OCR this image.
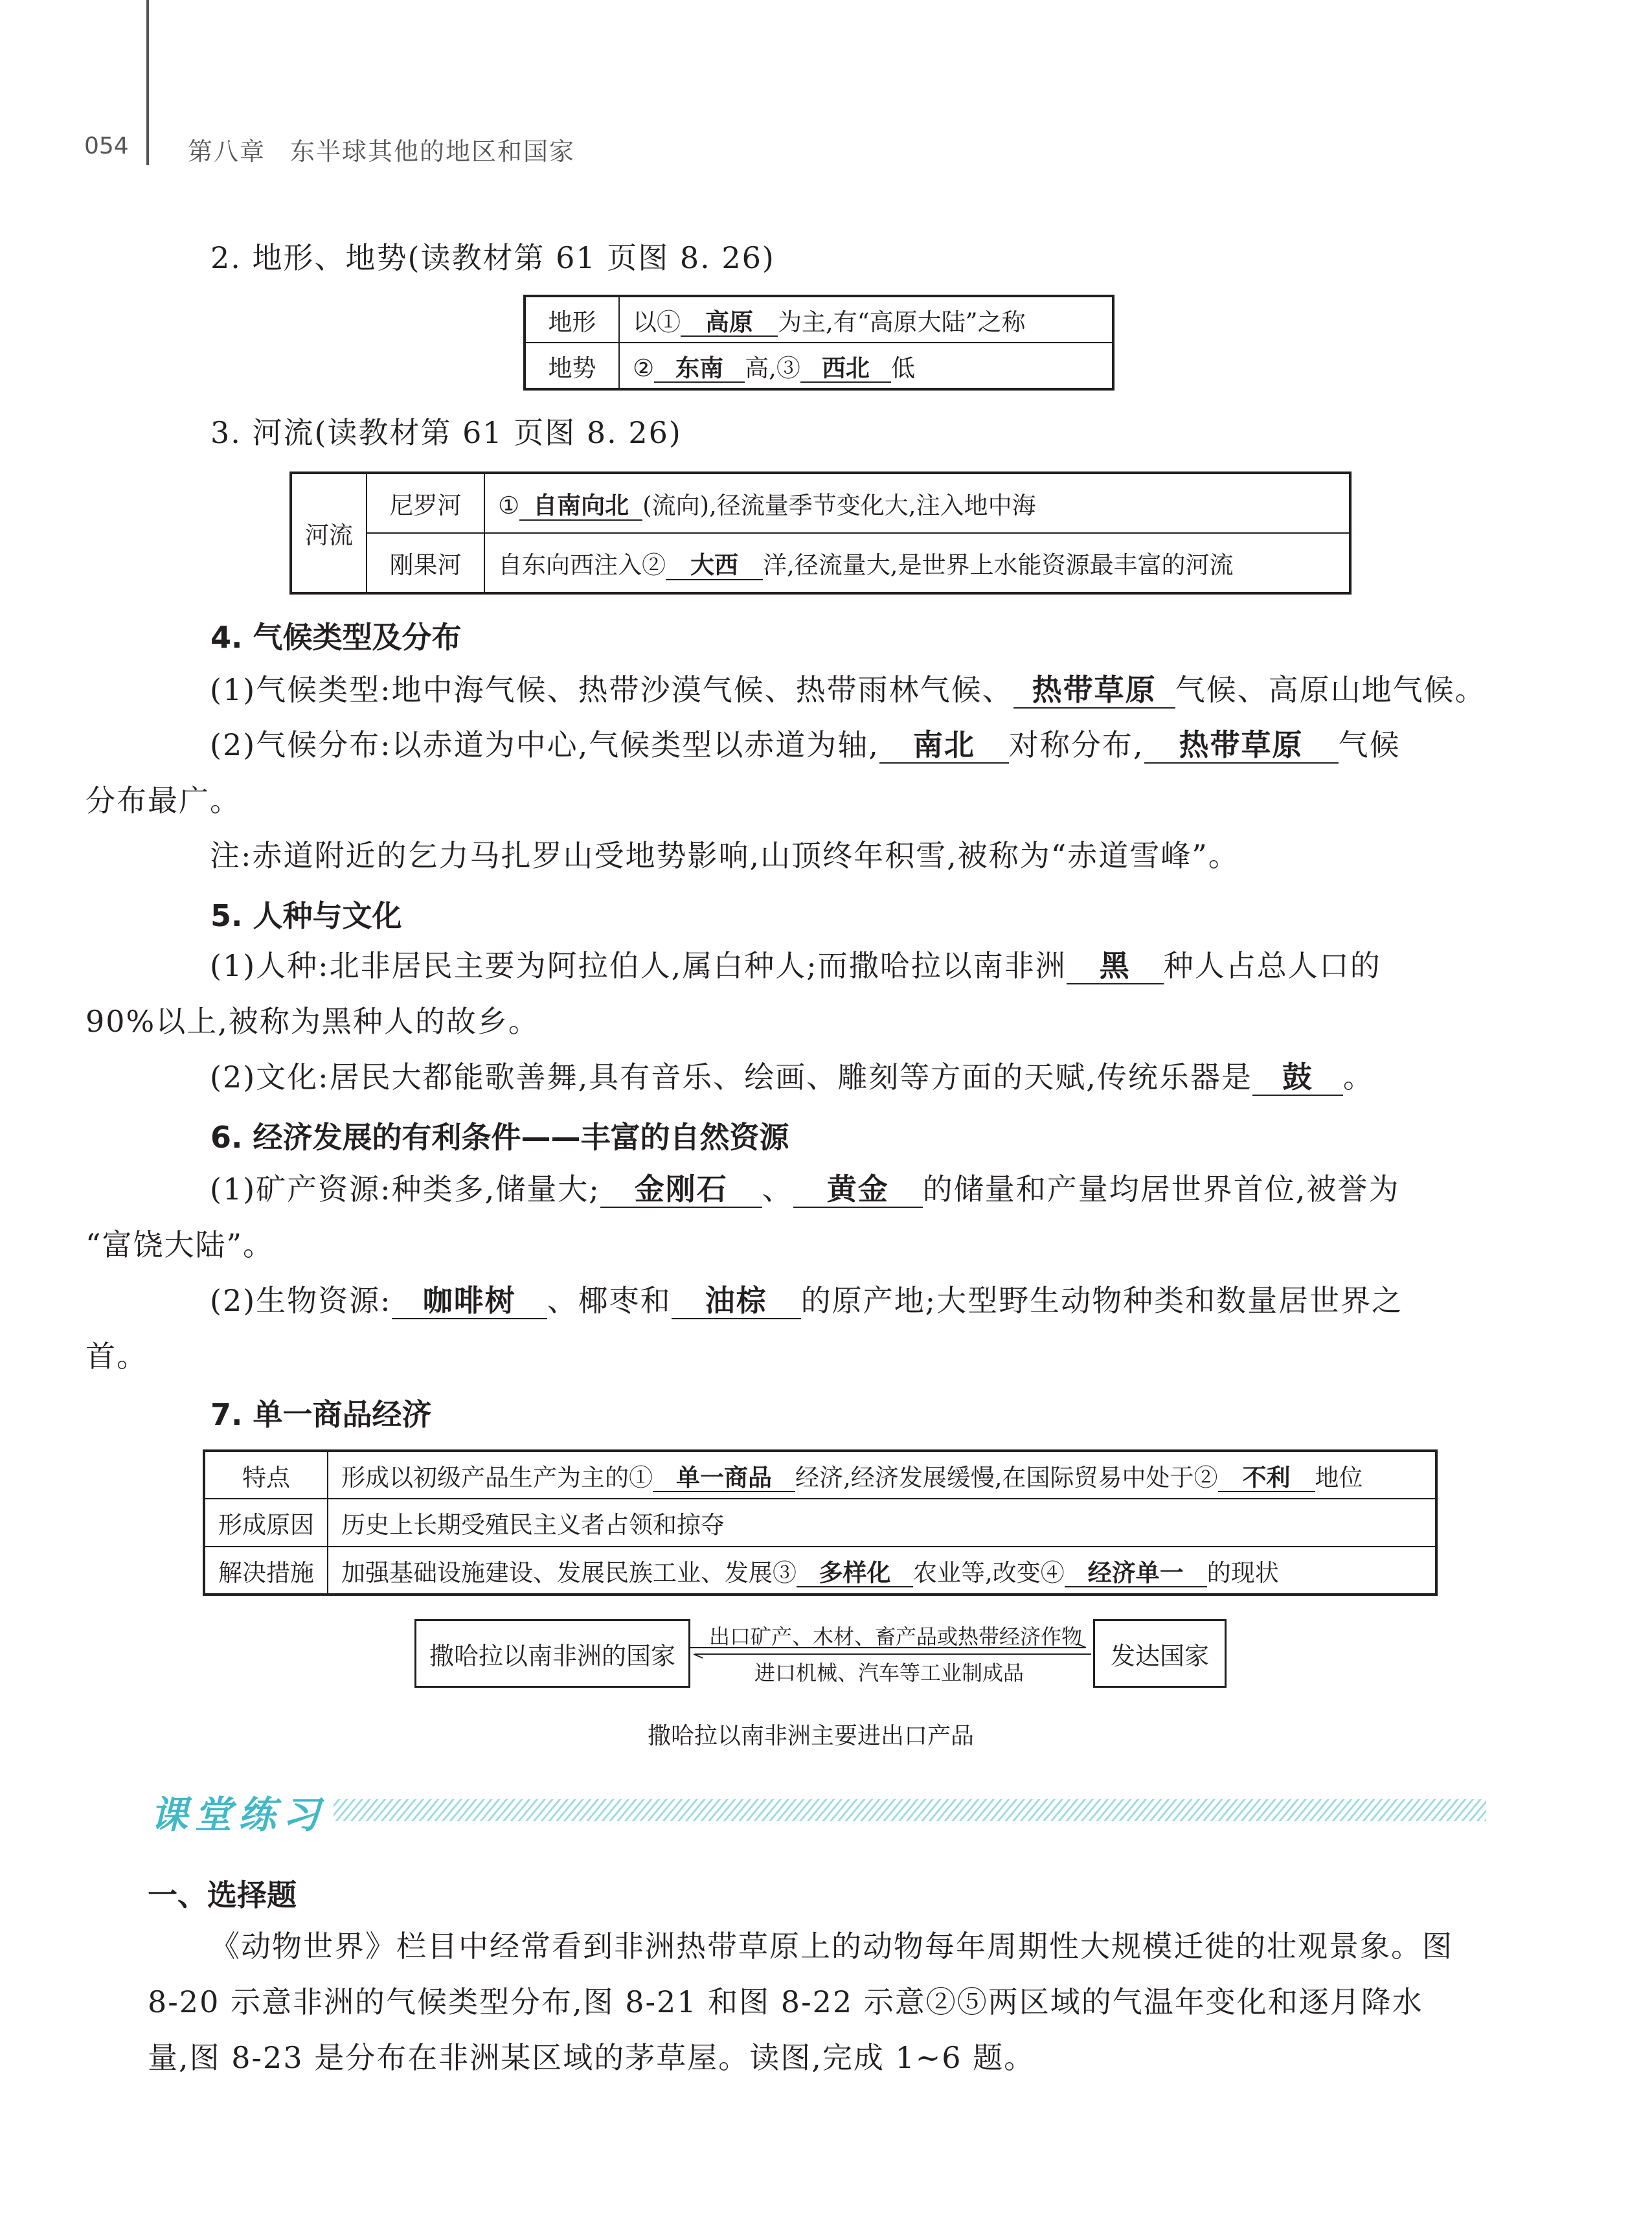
054 第八章 东半球其他的地区和国家
2. 地形、地势(读教材第 61 页图 8. 26)
地形	以① 高原 为主,有“高原大陆”之称
地势	② 东南 高,③ 西北 低
3. 河流(读教材第 61 页图 8. 26)
河流	尼罗河	① 自南向北 (流向),径流量季节变化大,注入地中海
	刚果河	自东向西注入② 大西 洋,径流量大,是世界上水能资源最丰富的河流
4. 气候类型及分布
(1)气候类型:地中海气候、热带沙漠气候、热带雨林气候、 热带草原 气候、高原山地气候。
(2)气候分布:以赤道为中心,气候类型以赤道为轴, 南北 对称分布, 热带草原 气候
分布最广。
注:赤道附近的乞力马扎罗山受地势影响,山顶终年积雪,被称为“赤道雪峰”。
5. 人种与文化
(1)人种:北非居民主要为阿拉伯人,属白种人;而撒哈拉以南非洲 黑 种人占总人口的
90%以上,被称为黑种人的故乡。
(2)文化:居民大都能歌善舞,具有音乐、绘画、雕刻等方面的天赋,传统乐器是 鼓 。
6. 经济发展的有利条件——丰富的自然资源
(1)矿产资源:种类多,储量大; 金刚石 、 黄金 的储量和产量均居世界首位,被誉为
“富饶大陆”。
(2)生物资源: 咖啡树 、椰枣和 油棕 的原产地;大型野生动物种类和数量居世界之
首。
7. 单一商品经济
特点	形成以初级产品生产为主的① 单一商品 经济,经济发展缓慢,在国际贸易中处于② 不利 地位
形成原因	历史上长期受殖民主义者占领和掠夺
解决措施	加强基础设施建设、发展民族工业、发展③ 多样化 农业等,改变④ 经济单一 的现状
撒哈拉以南非洲的国家	发达国家
出口矿产、木材、畜产品或热带经济作物
进口机械、汽车等工业制成品
撒哈拉以南非洲主要进出口产品
课堂练习
一、选择题
《动物世界》栏目中经常看到非洲热带草原上的动物每年周期性大规模迁徙的壮观景象。图
8-20 示意非洲的气候类型分布,图 8-21 和图 8-22 示意②⑤两区域的气温年变化和逐月降水
量,图 8-23 是分布在非洲某区域的茅草屋。读图,完成 1~6 题。
